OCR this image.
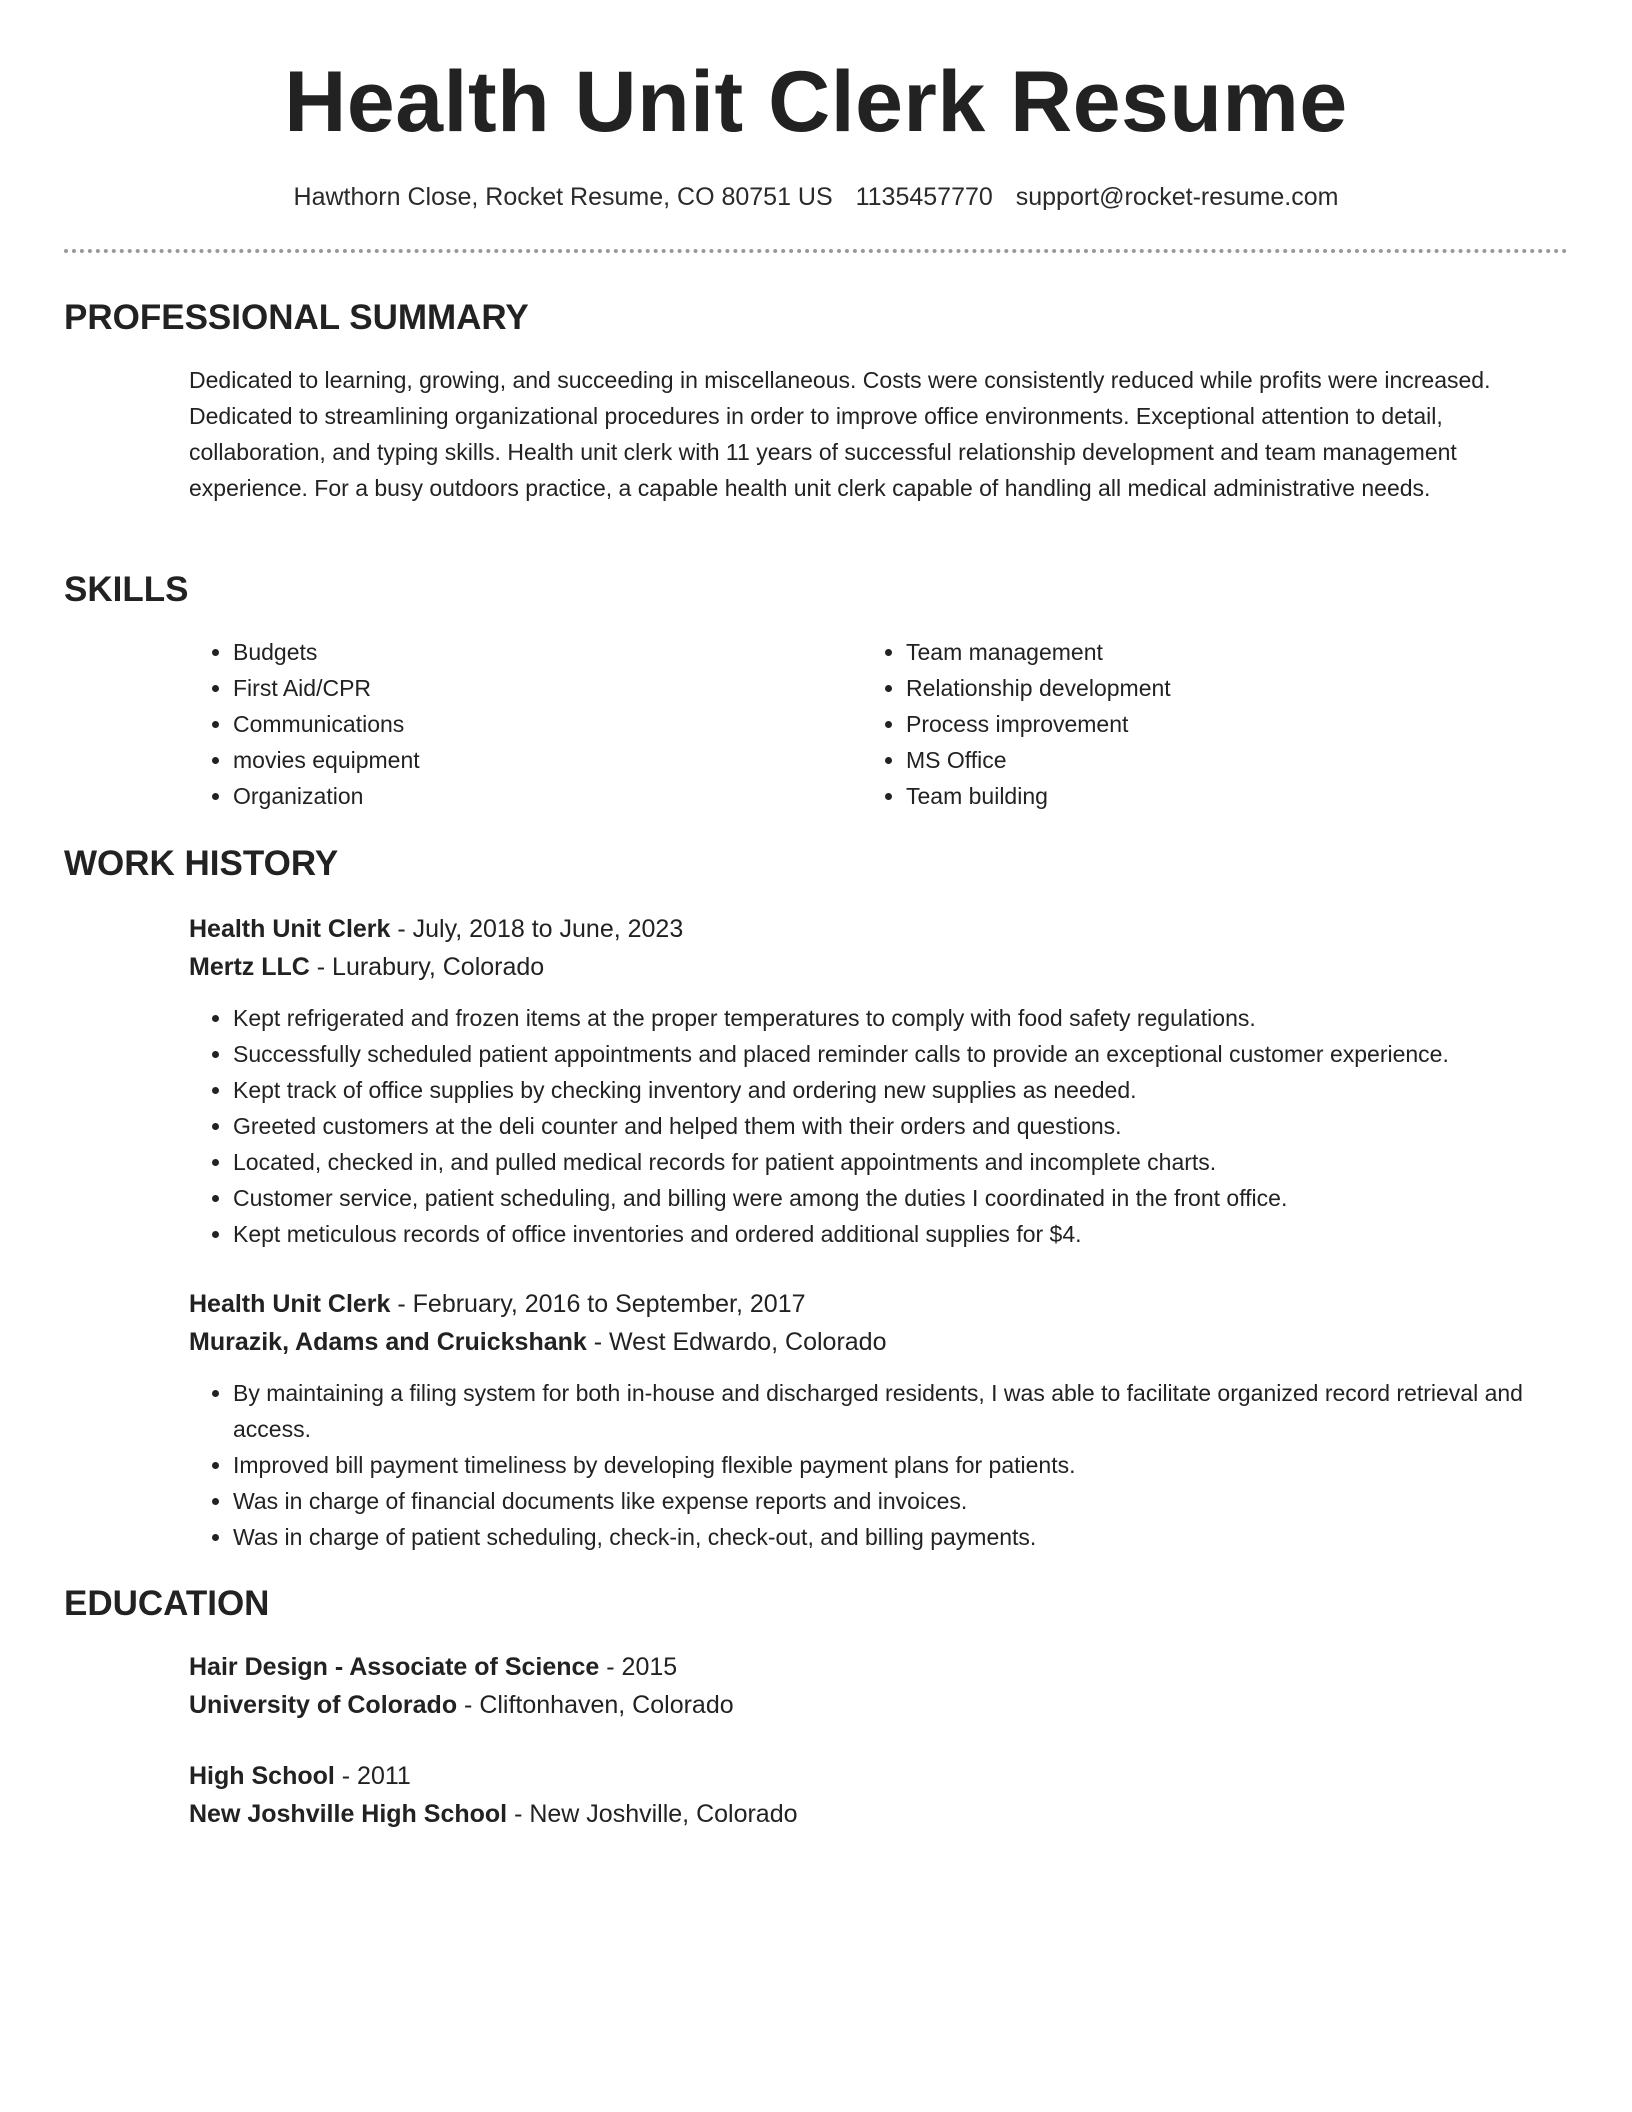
Health Unit Clerk Resume
Hawthorn Close, Rocket Resume, CO 80751 US 1135457770 support@rocket-resume.com
PROFESSIONAL SUMMARY

Dedicated to learning, growing, and succeeding in miscellaneous. Costs were consistently reduced while profits were increased. Dedicated to streamlining organizational procedures in order to improve office environments. Exceptional attention to detail, collaboration, and typing skills. Health unit clerk with 11 years of successful relationship development and team management experience. For a busy outdoors practice, a capable health unit clerk capable of handling all medical administrative needs.

SKILLS
• Budgets
• First Aid/CPR
• Communications
• movies equipment
• Organization
• Team management
• Relationship development
• Process improvement
• MS Office
• Team building
WORK HISTORY

Health Unit Clerk - July, 2018 to June, 2023

Mertz LLC - Lurabury, Colorado

• Kept refrigerated and frozen items at the proper temperatures to comply with food safety regulations.
• Successfully scheduled patient appointments and placed reminder calls to provide an exceptional customer experience.
• Kept track of office supplies by checking inventory and ordering new supplies as needed.
• Greeted customers at the deli counter and helped them with their orders and questions.
• Located, checked in, and pulled medical records for patient appointments and incomplete charts.
• Customer service, patient scheduling, and billing were among the duties I coordinated in the front office.
• Kept meticulous records of office inventories and ordered additional supplies for $4.

Health Unit Clerk - February, 2016 to September, 2017

Murazik, Adams and Cruickshank - West Edwardo, Colorado

• By maintaining a filing system for both in-house and discharged residents, I was able to facilitate organized record retrieval and access.
• Improved bill payment timeliness by developing flexible payment plans for patients.
• Was in charge of financial documents like expense reports and invoices.
• Was in charge of patient scheduling, check-in, check-out, and billing payments.
EDUCATION

Hair Design - Associate of Science - 2015

University of Colorado - Cliftonhaven, Colorado

High School - 2011

New Joshville High School - New Joshville, Colorado
